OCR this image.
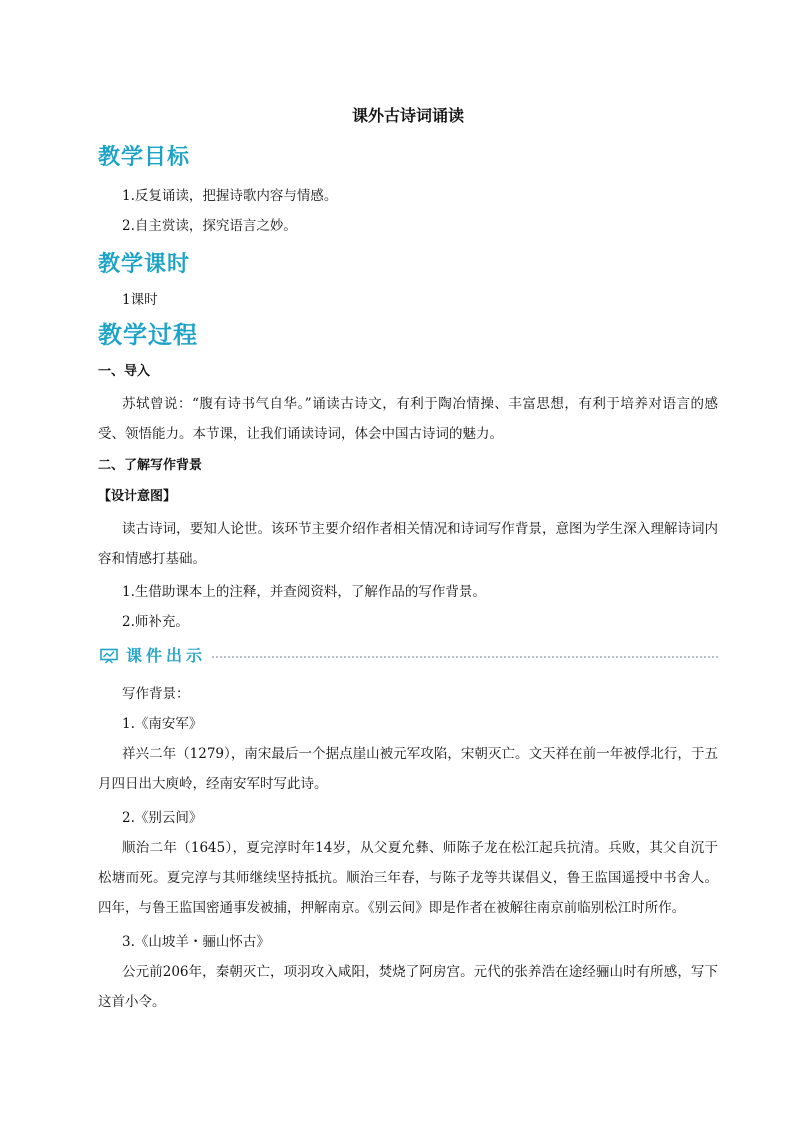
课外古诗词诵读
教学目标
1.反复诵读，把握诗歌内容与情感。
2.自主赏读，探究语言之妙。
教学课时
1课时
教学过程
一、导入
苏轼曾说：“腹有诗书气自华。”诵读古诗文，有利于陶冶情操、丰富思想，有利于培养对语言的感受、领悟能力。本节课，让我们诵读诗词，体会中国古诗词的魅力。
二、了解写作背景
【设计意图】
读古诗词，要知人论世。该环节主要介绍作者相关情况和诗词写作背景，意图为学生深入理解诗词内容和情感打基础。
1.生借助课本上的注释，并查阅资料，了解作品的写作背景。
2.师补充。
课件出示
写作背景：
1.《南安军》
祥兴二年（1279），南宋最后一个据点崖山被元军攻陷，宋朝灭亡。文天祥在前一年被俘北行，于五月四日出大庾岭，经南安军时写此诗。
2.《别云间》
顺治二年（1645），夏完淳时年14岁，从父夏允彝、师陈子龙在松江起兵抗清。兵败，其父自沉于松塘而死。夏完淳与其师继续坚持抵抗。顺治三年春，与陈子龙等共谋倡义，鲁王监国遥授中书舍人。四年，与鲁王监国密通事发被捕，押解南京。《别云间》即是作者在被解往南京前临别松江时所作。
3.《山坡羊・骊山怀古》
公元前206年，秦朝灭亡，项羽攻入咸阳，焚烧了阿房宫。元代的张养浩在途经骊山时有所感，写下这首小令。
